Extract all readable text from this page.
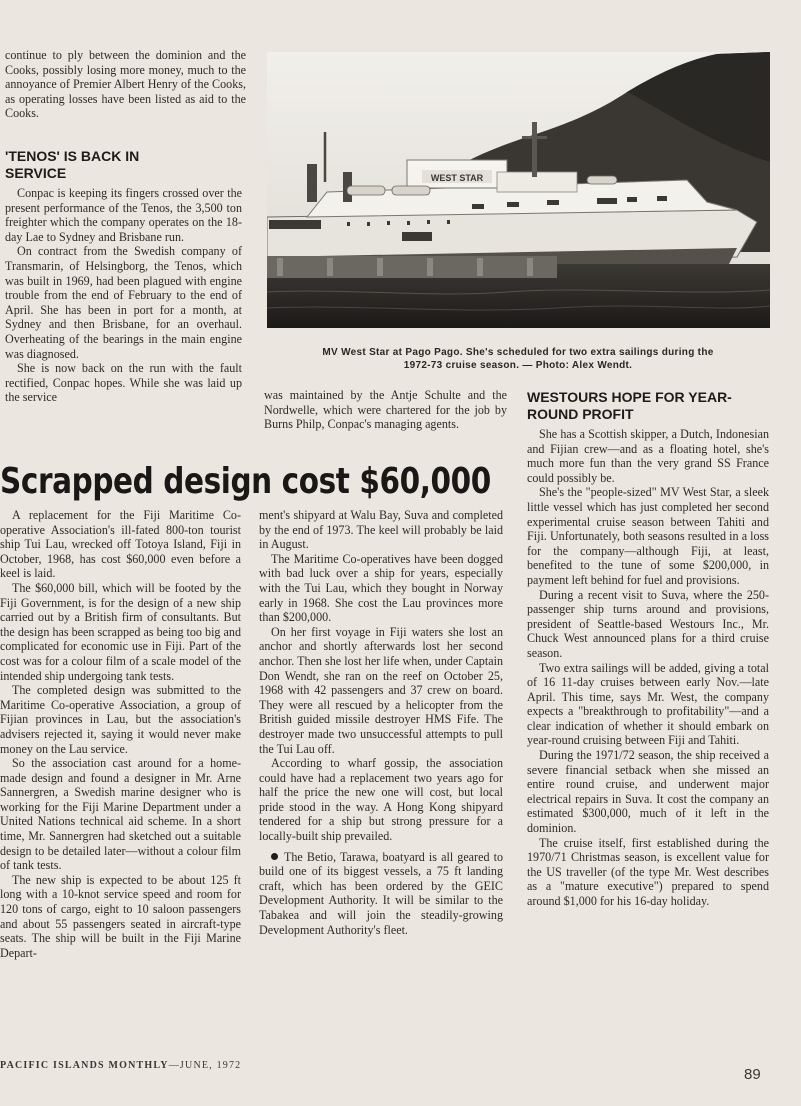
continue to ply between the dominion and the Cooks, possibly losing more money, much to the annoyance of Premier Albert Henry of the Cooks, as operating losses have been listed as aid to the Cooks.

'TENOS' IS BACK IN SERVICE

Conpac is keeping its fingers crossed over the present performance of the Tenos, the 3,500 ton freighter which the company operates on the 18-day Lae to Sydney and Brisbane run.

On contract from the Swedish company of Transmarin, of Helsingborg, the Tenos, which was built in 1969, had been plagued with engine trouble from the end of February to the end of April. She has been in port for a month, at Sydney and then Brisbane, for an overhaul. Overheating of the bearings in the main engine was diagnosed.

She is now back on the run with the fault rectified, Conpac hopes. While she was laid up the service	was maintained by the Antje Schulte and the Nordwelle, which were chartered for the job by Burns Philp, Conpac's managing agents.

WEST STAR
MV West Star at Pago Pago. She's scheduled for two extra sailings during the
1972-73 cruise season. — Photo: Alex Wendt.
WESTOURS HOPE FOR YEAR-ROUND PROFIT

She has a Scottish skipper, a Dutch, Indonesian and Fijian crew—and as a floating hotel, she's much more fun than the very grand SS France could possibly be.

She's the "people-sized" MV West Star, a sleek little vessel which has just completed her second experimental cruise season between Tahiti and Fiji. Unfortunately, both seasons resulted in a loss for the company—although Fiji, at least, benefited to the tune of some $200,000, in payment left behind for fuel and provisions.

During a recent visit to Suva, where the 250-passenger ship turns around and provisions, president of Seattle-based Westours Inc., Mr. Chuck West announced plans for a third cruise season.

Two extra sailings will be added, giving a total of 16 11-day cruises between early Nov.—late April. This time, says Mr. West, the company expects a "breakthrough to profitability"—and a clear indication of whether it should embark on year-round cruising between Fiji and Tahiti.

During the 1971/72 season, the ship received a severe financial setback when she missed an entire round cruise, and underwent major electrical repairs in Suva. It cost the company an estimated $300,000, much of it left in the dominion.

The cruise itself, first established during the 1970/71 Christmas season, is excellent value for the US traveller (of the type Mr. West describes as a "mature executive") prepared to spend around $1,000 for his 16-day holiday.

Scrapped design cost $60,000

A replacement for the Fiji Maritime Co-operative Association's ill-fated 800-ton tourist ship Tui Lau, wrecked off Totoya Island, Fiji in October, 1968, has cost $60,000 even before a keel is laid.

The $60,000 bill, which will be footed by the Fiji Government, is for the design of a new ship carried out by a British firm of consultants. But the design has been scrapped as being too big and complicated for economic use in Fiji. Part of the cost was for a colour film of a scale model of the intended ship undergoing tank tests.

The completed design was submitted to the Maritime Co-operative Association, a group of Fijian provinces in Lau, but the association's advisers rejected it, saying it would never make money on the Lau service.

So the association cast around for a home-made design and found a designer in Mr. Arne Sannergren, a Swedish marine designer who is working for the Fiji Marine Department under a United Nations technical aid scheme. In a short time, Mr. Sannergren had sketched out a suitable design to be detailed later—without a colour film of tank tests.

The new ship is expected to be about 125 ft long with a 10-knot service speed and room for 120 tons of cargo, eight to 10 saloon passengers and about 55 passengers seated in aircraft-type seats. The ship will be built in the Fiji Marine Depart-

ment's shipyard at Walu Bay, Suva and completed by the end of 1973. The keel will probably be laid in August.

The Maritime Co-operatives have been dogged with bad luck over a ship for years, especially with the Tui Lau, which they bought in Norway early in 1968. She cost the Lau provinces more than $200,000.

On her first voyage in Fiji waters she lost an anchor and shortly afterwards lost her second anchor. Then she lost her life when, under Captain Don Wendt, she ran on the reef on October 25, 1968 with 42 passengers and 37 crew on board. They were all rescued by a helicopter from the British guided missile destroyer HMS Fife. The destroyer made two unsuccessful attempts to pull the Tui Lau off.

According to wharf gossip, the association could have had a replacement two years ago for half the price the new one will cost, but local pride stood in the way. A Hong Kong shipyard tendered for a ship but strong pressure for a locally-built ship prevailed.

The Betio, Tarawa, boatyard is all geared to build one of its biggest vessels, a 75 ft landing craft, which has been ordered by the GEIC Development Authority. It will be similar to the Tabakea and will join the steadily-growing Development Authority's fleet.

PACIFIC ISLANDS MONTHLY—JUNE, 1972
89
